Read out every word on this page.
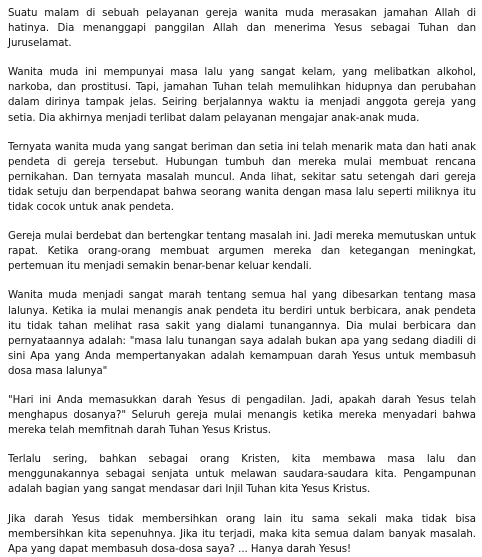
Suatu malam di sebuah pelayanan gereja wanita muda merasakan jamahan Allah di hatinya. Dia menanggapi panggilan Allah dan menerima Yesus sebagai Tuhan dan Juruselamat.

Wanita muda ini mempunyai masa lalu yang sangat kelam, yang melibatkan alkohol, narkoba, dan prostitusi. Tapi, jamahan Tuhan telah memulihkan hidupnya dan perubahan dalam dirinya tampak jelas. Seiring berjalannya waktu ia menjadi anggota gereja yang setia. Dia akhirnya menjadi terlibat dalam pelayanan mengajar anak-anak muda.

Ternyata wanita muda yang sangat beriman dan setia ini telah menarik mata dan hati anak pendeta di gereja tersebut. Hubungan tumbuh dan mereka mulai membuat rencana pernikahan. Dan ternyata masalah muncul. Anda lihat, sekitar satu setengah dari gereja tidak setuju dan berpendapat bahwa seorang wanita dengan masa lalu seperti miliknya itu tidak cocok untuk anak pendeta.

Gereja mulai berdebat dan bertengkar tentang masalah ini. Jadi mereka memutuskan untuk rapat. Ketika orang-orang membuat argumen mereka dan ketegangan meningkat, pertemuan itu menjadi semakin benar-benar keluar kendali.

Wanita muda menjadi sangat marah tentang semua hal yang dibesarkan tentang masa lalunya. Ketika ia mulai menangis anak pendeta itu berdiri untuk berbicara, anak pendeta itu tidak tahan melihat rasa sakit yang dialami tunangannya. Dia mulai berbicara dan pernyataannya adalah: "masa lalu tunangan saya adalah bukan apa yang sedang diadili di sini Apa yang Anda mempertanyakan adalah kemampuan darah Yesus untuk membasuh dosa masa lalunya"

"Hari ini Anda memasukkan darah Yesus di pengadilan. Jadi, apakah darah Yesus telah menghapus dosanya?" Seluruh gereja mulai menangis ketika mereka menyadari bahwa mereka telah memfitnah darah Tuhan Yesus Kristus.

Terlalu sering, bahkan sebagai orang Kristen, kita membawa masa lalu dan menggunakannya sebagai senjata untuk melawan saudara-saudara kita. Pengampunan adalah bagian yang sangat mendasar dari Injil Tuhan kita Yesus Kristus.

Jika darah Yesus tidak membersihkan orang lain itu sama sekali maka tidak bisa membersihkan kita sepenuhnya. Jika itu terjadi, maka kita semua dalam banyak masalah. Apa yang dapat membasuh dosa-dosa saya? ... Hanya darah Yesus!
